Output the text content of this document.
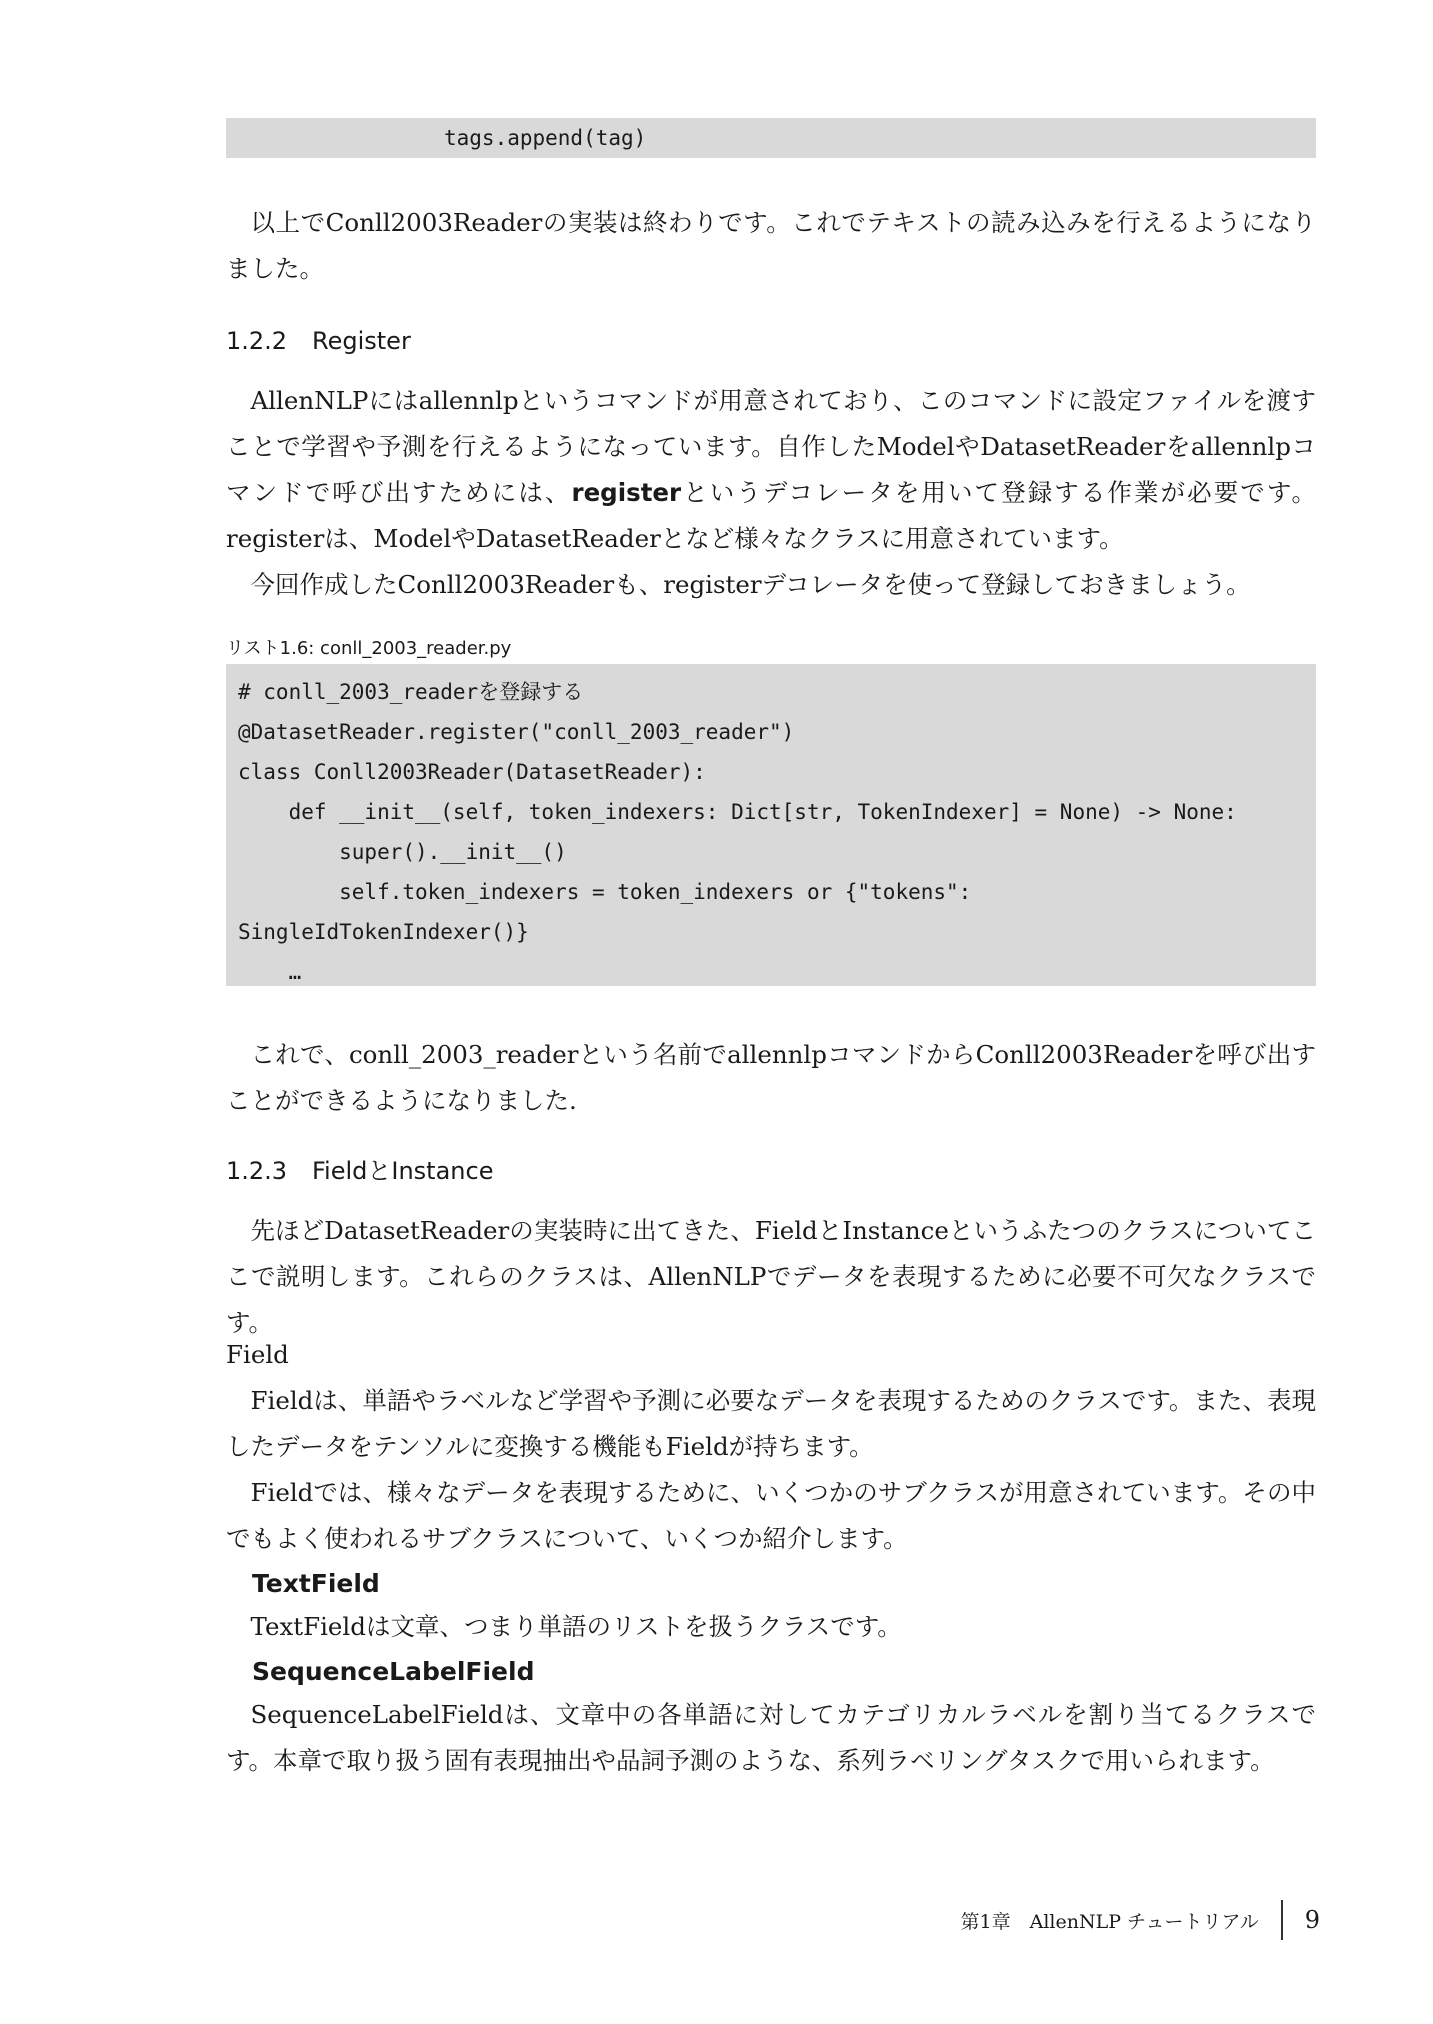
tags.append(tag)

以上でConll2003Readerの実装は終わりです。これでテキストの読み込みを行えるようになりました。

1.2.2 Register

AllenNLPにはallennlpというコマンドが用意されており、このコマンドに設定ファイルを渡すことで学習や予測を行えるようになっています。自作したModelやDatasetReaderをallennlpコマンドで呼び出すためには、registerというデコレータを用いて登録する作業が必要です。registerは、ModelやDatasetReaderとなど様々なクラスに用意されています。

今回作成したConll2003Readerも、registerデコレータを使って登録しておきましょう。

リスト1.6: conll_2003_reader.py

# conll_2003_readerを登録する
@DatasetReader.register("conll_2003_reader")
class Conll2003Reader(DatasetReader):
def __init__(self, token_indexers: Dict[str, TokenIndexer] = None) -> None:
super().__init__()
self.token_indexers = token_indexers or {"tokens":
SingleIdTokenIndexer()}
…

これで、conll_2003_readerという名前でallennlpコマンドからConll2003Readerを呼び出すことができるようになりました.

1.2.3 FieldとInstance

先ほどDatasetReaderの実装時に出てきた、FieldとInstanceというふたつのクラスについてここで説明します。これらのクラスは、AllenNLPでデータを表現するために必要不可欠なクラスです。

Field

Fieldは、単語やラベルなど学習や予測に必要なデータを表現するためのクラスです。また、表現したデータをテンソルに変換する機能もFieldが持ちます。

Fieldでは、様々なデータを表現するために、いくつかのサブクラスが用意されています。その中でもよく使われるサブクラスについて、いくつか紹介します。

TextField

TextFieldは文章、つまり単語のリストを扱うクラスです。

SequenceLabelField

SequenceLabelFieldは、文章中の各単語に対してカテゴリカルラベルを割り当てるクラスです。本章で取り扱う固有表現抽出や品詞予測のような、系列ラベリングタスクで用いられます。

第1章　AllenNLP チュートリアル 9
